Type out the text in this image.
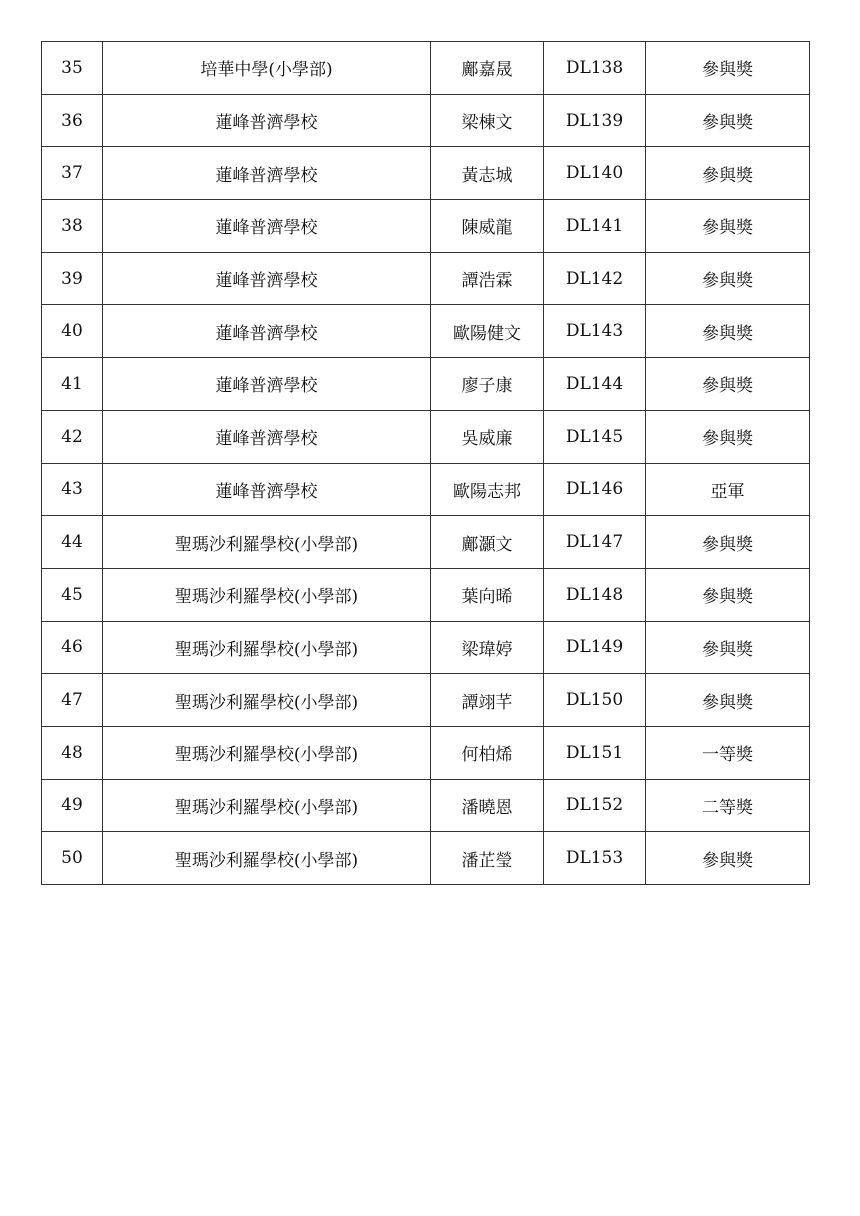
35	培華中學(小學部)	鄺嘉晟	DL138	參與獎
36	蓮峰普濟學校	梁棟文	DL139	參與獎
37	蓮峰普濟學校	黃志城	DL140	參與獎
38	蓮峰普濟學校	陳威龍	DL141	參與獎
39	蓮峰普濟學校	譚浩霖	DL142	參與獎
40	蓮峰普濟學校	歐陽健文	DL143	參與獎
41	蓮峰普濟學校	廖子康	DL144	參與獎
42	蓮峰普濟學校	吳威廉	DL145	參與獎
43	蓮峰普濟學校	歐陽志邦	DL146	亞軍
44	聖瑪沙利羅學校(小學部)	鄺灝文	DL147	參與獎
45	聖瑪沙利羅學校(小學部)	葉向晞	DL148	參與獎
46	聖瑪沙利羅學校(小學部)	梁瑋婷	DL149	參與獎
47	聖瑪沙利羅學校(小學部)	譚翊芊	DL150	參與獎
48	聖瑪沙利羅學校(小學部)	何柏烯	DL151	一等獎
49	聖瑪沙利羅學校(小學部)	潘曉恩	DL152	二等獎
50	聖瑪沙利羅學校(小學部)	潘芷瑩	DL153	參與獎
